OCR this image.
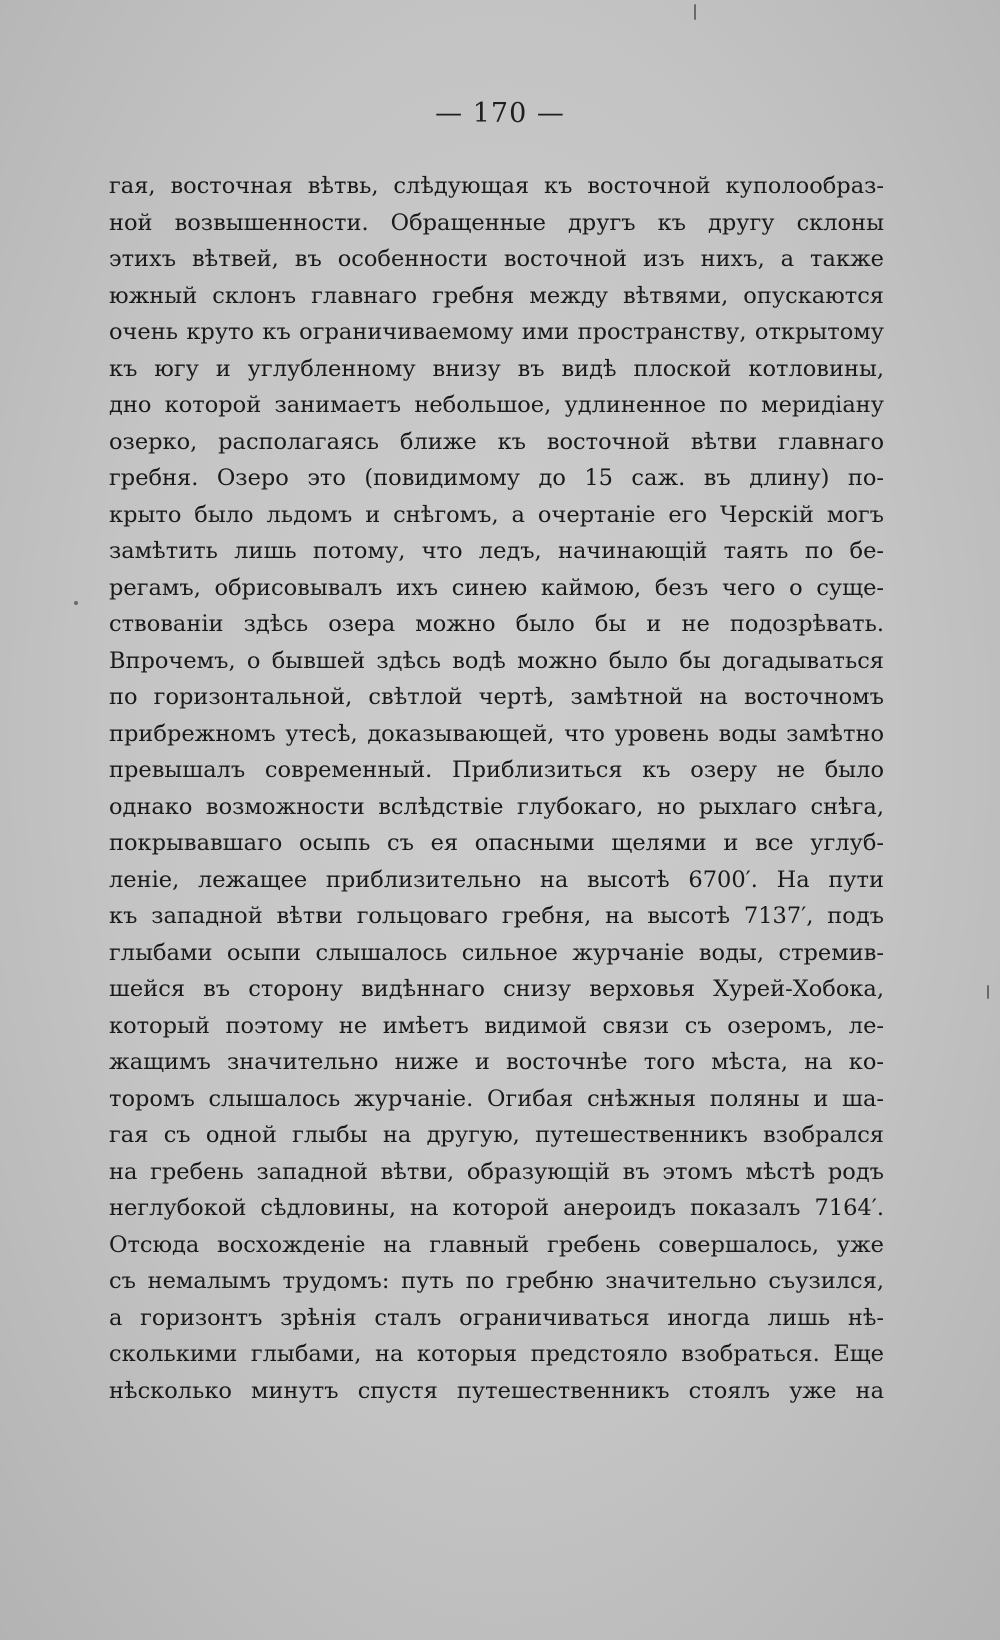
— 170 —
гая, восточная вѣтвь, слѣдующая къ восточной куполообраз-
ной возвышенности. Обращенные другъ къ другу склоны
этихъ вѣтвей, въ особенности восточной изъ нихъ, а также
южный склонъ главнаго гребня между вѣтвями, опускаются
очень круто къ ограничиваемому ими пространству, открытому
къ югу и углубленному внизу въ видѣ плоской котловины,
дно которой занимаетъ небольшое, удлиненное по меридіану
озерко, располагаясь ближе къ восточной вѣтви главнаго
гребня. Озеро это (повидимому до 15 саж. въ длину) по-
крыто было льдомъ и снѣгомъ, а очертаніе его Черскій могъ
замѣтить лишь потому, что ледъ, начинающій таять по бе-
регамъ, обрисовывалъ ихъ синею каймою, безъ чего о суще-
ствованіи здѣсь озера можно было бы и не подозрѣвать.
Впрочемъ, о бывшей здѣсь водѣ можно было бы догадываться
по горизонтальной, свѣтлой чертѣ, замѣтной на восточномъ
прибрежномъ утесѣ, доказывающей, что уровень воды замѣтно
превышалъ современный. Приблизиться къ озеру не было
однако возможности вслѣдствіе глубокаго, но рыхлаго снѣга,
покрывавшаго осыпь съ ея опасными щелями и все углуб-
леніе, лежащее приблизительно на высотѣ 6700′. На пути
къ западной вѣтви гольцоваго гребня, на высотѣ 7137′, подъ
глыбами осыпи слышалось сильное журчаніе воды, стремив-
шейся въ сторону видѣннаго снизу верховья Хурей-Хобока,
который поэтому не имѣетъ видимой связи съ озеромъ, ле-
жащимъ значительно ниже и восточнѣе того мѣста, на ко-
торомъ слышалось журчаніе. Огибая снѣжныя поляны и ша-
гая съ одной глыбы на другую, путешественникъ взобрался
на гребень западной вѣтви, образующій въ этомъ мѣстѣ родъ
неглубокой сѣдловины, на которой анероидъ показалъ 7164′.
Отсюда восхожденіе на главный гребень совершалось, уже
съ немалымъ трудомъ: путь по гребню значительно съузился,
а горизонтъ зрѣнія сталъ ограничиваться иногда лишь нѣ-
сколькими глыбами, на которыя предстояло взобраться. Еще
нѣсколько минутъ спустя путешественникъ стоялъ уже на
